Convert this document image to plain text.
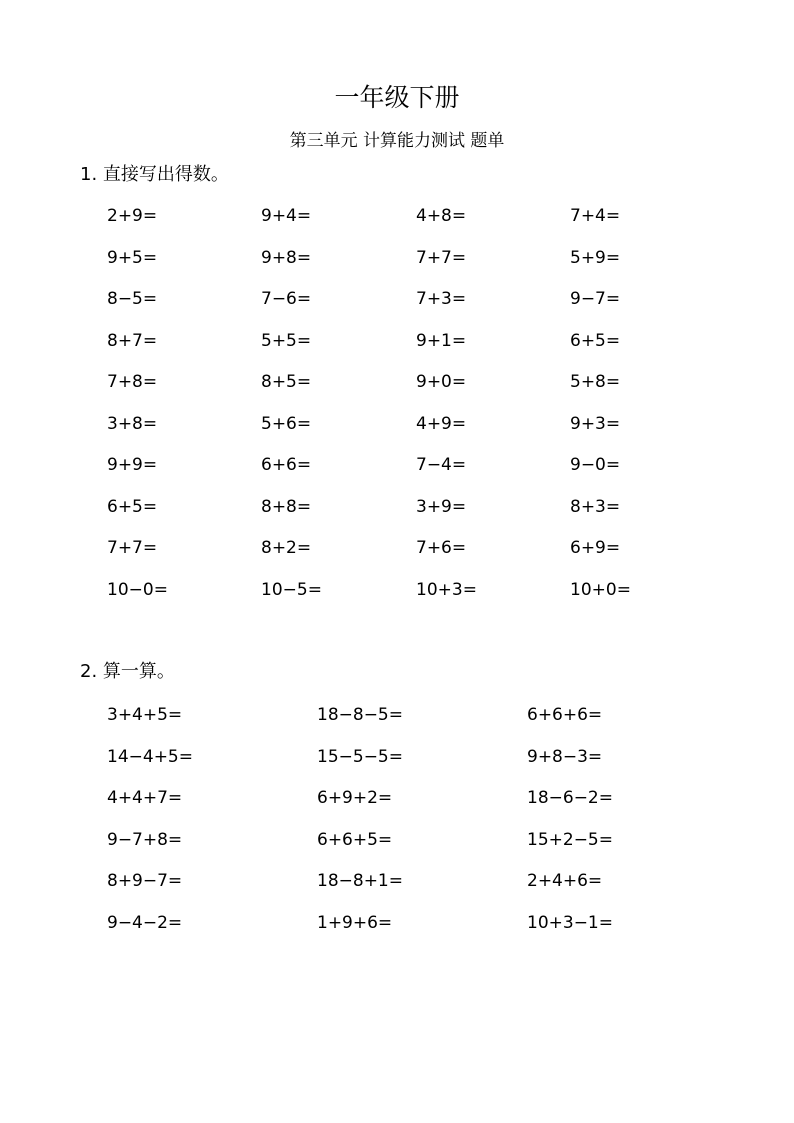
一年级下册
第三单元 计算能力测试 题单
1. 直接写出得数。
2+9=	9+4=	4+8=	7+4=
9+5=	9+8=	7+7=	5+9=
8−5=	7−6=	7+3=	9−7=
8+7=	5+5=	9+1=	6+5=
7+8=	8+5=	9+0=	5+8=
3+8=	5+6=	4+9=	9+3=
9+9=	6+6=	7−4=	9−0=
6+5=	8+8=	3+9=	8+3=
7+7=	8+2=	7+6=	6+9=
10−0=	10−5=	10+3=	10+0=
2. 算一算。
3+4+5=	18−8−5=	6+6+6=
14−4+5=	15−5−5=	9+8−3=
4+4+7=	6+9+2=	18−6−2=
9−7+8=	6+6+5=	15+2−5=
8+9−7=	18−8+1=	2+4+6=
9−4−2=	1+9+6=	10+3−1=
